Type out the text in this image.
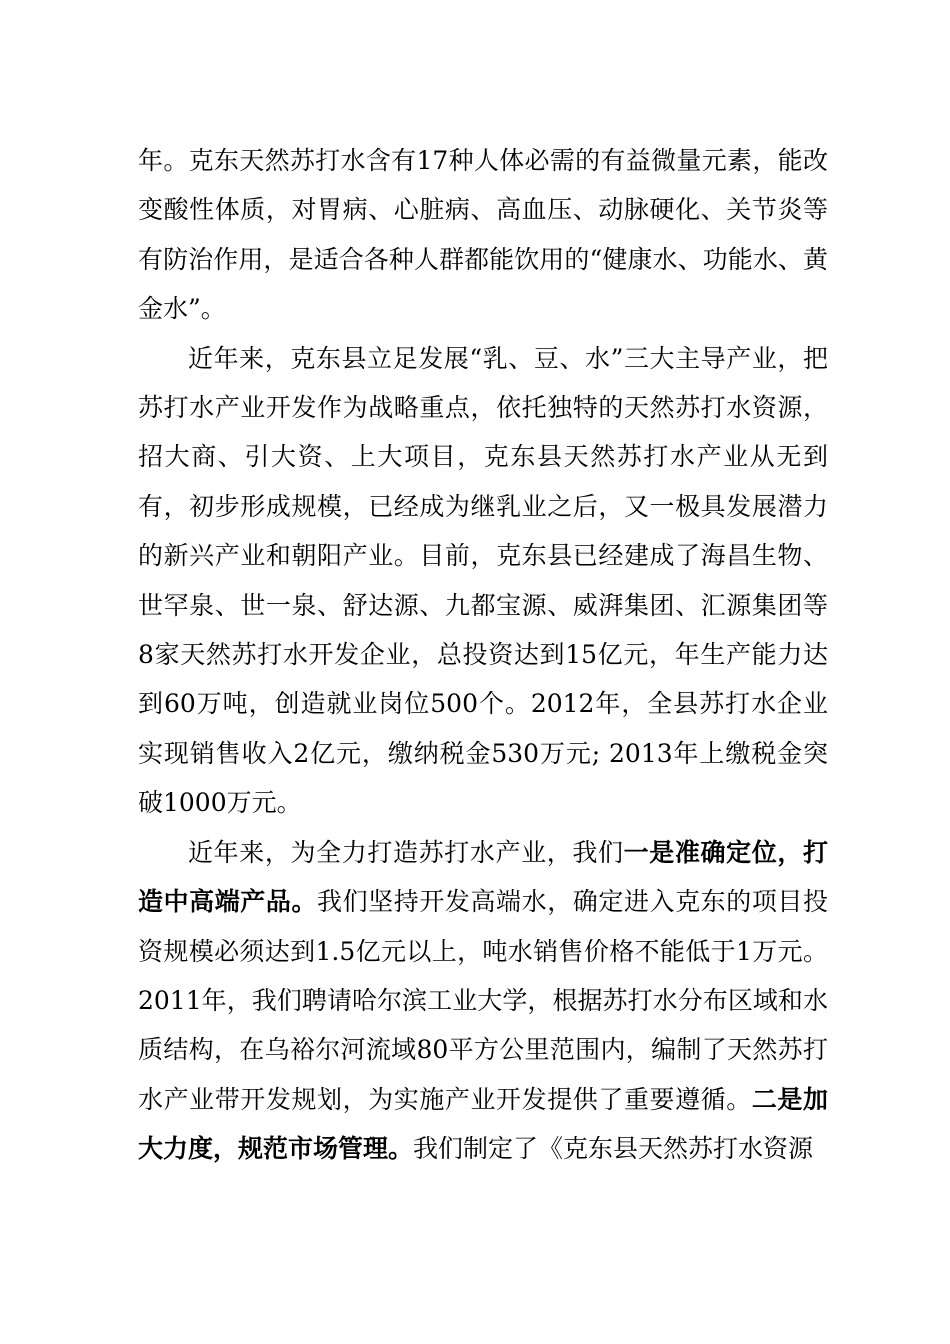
年。克东天然苏打水含有17种人体必需的有益微量元素，能改变酸性体质，对胃病、心脏病、高血压、动脉硬化、关节炎等有防治作用，是适合各种人群都能饮用的“健康水、功能水、黄金水”。

近年来，克东县立足发展“乳、豆、水”三大主导产业，把苏打水产业开发作为战略重点，依托独特的天然苏打水资源，招大商、引大资、上大项目，克东县天然苏打水产业从无到有，初步形成规模，已经成为继乳业之后，又一极具发展潜力的新兴产业和朝阳产业。目前，克东县已经建成了海昌生物、世罕泉、世一泉、舒达源、九都宝源、威湃集团、汇源集团等8家天然苏打水开发企业，总投资达到15亿元，年生产能力达到60万吨，创造就业岗位500个。2012年，全县苏打水企业实现销售收入2亿元，缴纳税金530万元; 2013年上缴税金突破1000万元。

近年来，为全力打造苏打水产业，我们一是准确定位，打造中高端产品。我们坚持开发高端水，确定进入克东的项目投资规模必须达到1.5亿元以上，吨水销售价格不能低于1万元。2011年，我们聘请哈尔滨工业大学，根据苏打水分布区域和水质结构，在乌裕尔河流域80平方公里范围内，编制了天然苏打水产业带开发规划，为实施产业开发提供了重要遵循。二是加大力度，规范市场管理。我们制定了《克东县天然苏打水资源
